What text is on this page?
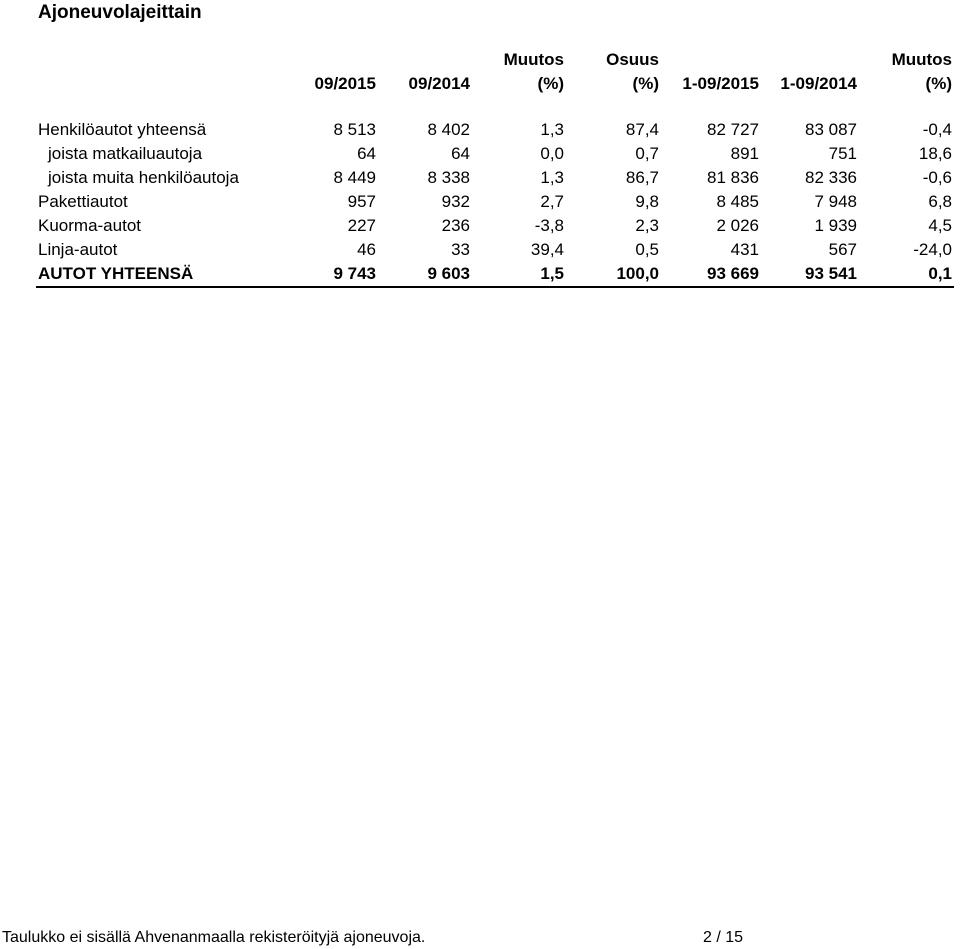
Ajoneuvolajeittain
			Muutos	Osuus			Muutos
	09/2015	09/2014	(%)	(%)	1-09/2015	1-09/2014	(%)

Henkilöautot yhteensä	8 513	8 402	1,3	87,4	82 727	83 087	-0,4
joista matkailuautoja	64	64	0,0	0,7	891	751	18,6
joista muita henkilöautoja	8 449	8 338	1,3	86,7	81 836	82 336	-0,6
Pakettiautot	957	932	2,7	9,8	8 485	7 948	6,8
Kuorma-autot	227	236	-3,8	2,3	2 026	1 939	4,5
Linja-autot	46	33	39,4	0,5	431	567	-24,0
AUTOT YHTEENSÄ	9 743	9 603	1,5	100,0	93 669	93 541	0,1
Taulukko ei sisällä Ahvenanmaalla rekisteröityjä ajoneuvoja.	2 / 15
